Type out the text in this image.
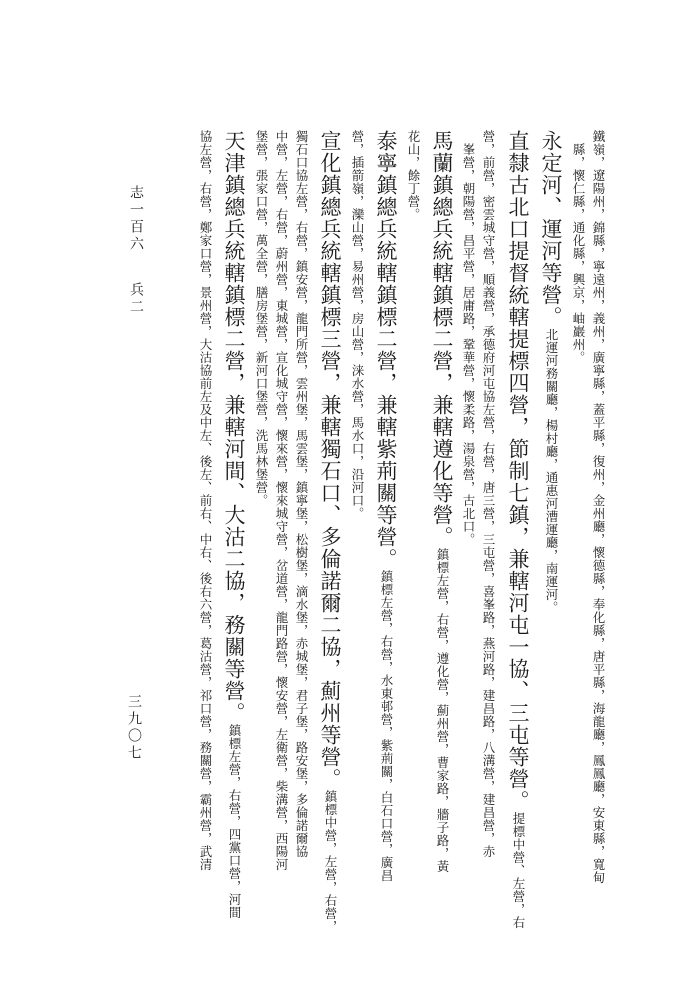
鐵嶺，遼陽州，錦縣，寧遠州，義州，廣寧縣，蓋平縣，復州，金州廳，懷德縣，奉化縣，唐平縣，海龍廳，鳳鳳廳，安東縣，寬甸
縣，懷仁縣，通化縣，興京，岫巖州。
永定河、運河等營。北運河務關廳，楊村廳，通惠河漕運廳，南運河。
直隸古北口提督統轄提標四營，節制七鎮，兼轄河屯一協、三屯等營。提標中營、左營，右
營，前營，密雲城守營，順義營，承德府河屯協左營，右營，唐三營，三屯營，喜峯路，燕河路，建昌路，八溝營，建昌營，赤
峯營，朝陽營，昌平營，居庸路，鞏華營，懷柔路，湯泉營，古北口。
馬蘭鎮總兵統轄鎮標二營，兼轄遵化等營。鎮標左營，右營，遵化營，薊州營，曹家路，牆子路，黃
花山，餘丁營。
泰寧鎮總兵統轄鎮標二營，兼轄紫荊關等營。鎮標左營，右營，水東邨營，紫荊關，白石口營，廣昌
營，插箭嶺，灤山營，易州營，房山營，涞水營，馬水口，沿河口。
宣化鎮總兵統轄鎮標三營，兼轄獨石口、多倫諾爾二協，薊州等營。鎮標中營，左營，右營，
獨石口協左營，右營，鎮安營，龍門所營，雲州堡，馬雲堡，鎮寧堡，松樹堡，滴水堡，赤城堡，君子堡，路安堡，多倫諾爾協
中營，左營，右營，蔚州營，東城營，宣化城守營，懷來營，懷來城守營，岔道營，龍門路營，懷安營，左衛營，柴溝營，西陽河
堡營，張家口營，萬全營，膳房堡營，新河口堡營，洗馬林堡營。
天津鎮總兵統轄鎮標二營，兼轄河間、大沽二協，務關等營。鎮標左營，右營，四黨口營，河間
協左營，右營，鄭家口營，景州營，大沽協前左及中左、後左、前右、中右、後右六營，葛沽營，祁口營，務關營，霸州營，武清
志一百六
兵二
三九〇七
